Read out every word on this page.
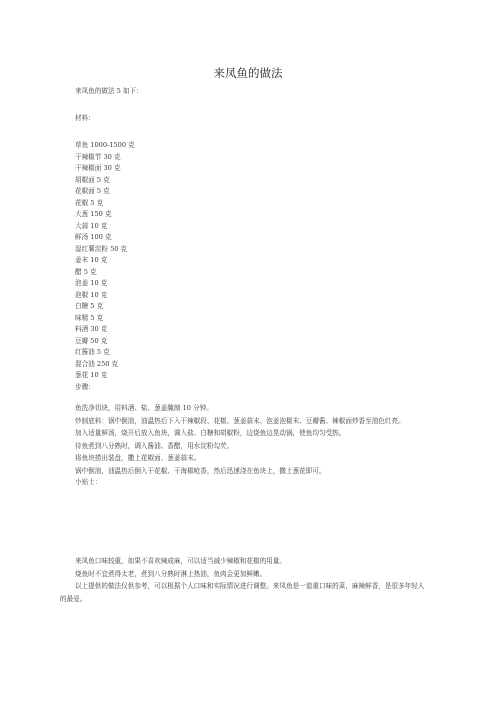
来凤鱼的做法
来凤鱼的做法 5 如下：
材料：
草鱼 1000-1500 克
干辣椒节 30 克
干辣椒面 30 克
胡椒面 5 克
花椒面 5 克
花椒 5 克
大葱 150 克
大蒜 10 克
鲜汤 100 克
湿红薯淀粉 50 克
姜末 10 克
醋 5 克
泡姜 10 克
泡椒 10 克
白糖 5 克
味精 5 克
料酒 30 克
豆瓣 50 克
红酱油 5 克
混合油 250 克
葱花 10 克
步骤：
鱼洗净切块，用料酒、盐、葱姜腌制 10 分钟。
炒制底料：锅中倒油，油温热后下入干辣椒段、花椒、葱姜蒜末、泡姜泡椒末、豆瓣酱、辣椒面炒香至油色红亮。
加入适量鲜汤，烧开后放入鱼块，调入盐、白糖和胡椒粉，边烧鱼边晃动锅，使鱼均匀受热。
待鱼煮到八分熟时，调入酱油、香醋，用水淀粉勾芡。
将鱼块捞出装盘，撒上花椒面、葱姜蒜末。
锅中倒油，油温热后倒入干花椒、干海椒呛香，然后迅速浇在鱼块上，撒上葱花即可。
小贴士：
来凤鱼口味较重，如果不喜欢辣成麻，可以适当减少辣椒和花椒的用量。
烧鱼时不宜煮得太老，煮到八分熟时淋上热油，鱼肉会更加鲜嫩。
以上提供的做法仅供参考，可以根据个人口味和实际情况进行调整。来凤鱼是一道重口味的菜，麻辣鲜香，是很多年轻人的最爱。
